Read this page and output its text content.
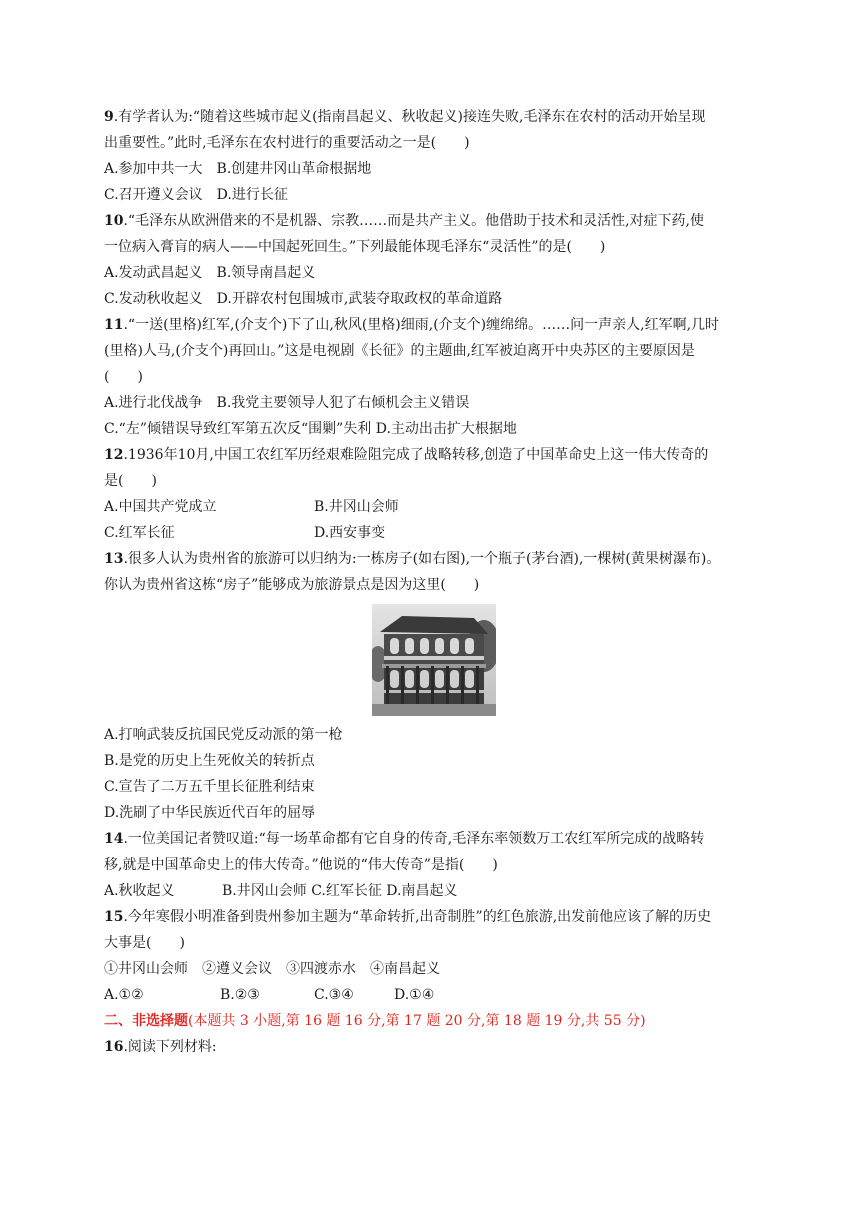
9.有学者认为:“随着这些城市起义(指南昌起义、秋收起义)接连失败,毛泽东在农村的活动开始呈现
出重要性。”此时,毛泽东在农村进行的重要活动之一是(　　)
A.参加中共一大　B.创建井冈山革命根据地
C.召开遵义会议　D.进行长征
10.“毛泽东从欧洲借来的不是机器、宗教……而是共产主义。他借助于技术和灵活性,对症下药,使
一位病入膏肓的病人——中国起死回生。”下列最能体现毛泽东“灵活性”的是(　　)
A.发动武昌起义　B.领导南昌起义
C.发动秋收起义　D.开辟农村包围城市,武装夺取政权的革命道路
11.“一送(里格)红军,(介支个)下了山,秋风(里格)细雨,(介支个)缠绵绵。……问一声亲人,红军啊,几时
(里格)人马,(介支个)再回山。”这是电视剧《长征》的主题曲,红军被迫离开中央苏区的主要原因是
(　　)
A.进行北伐战争　B.我党主要领导人犯了右倾机会主义错误
C.“左”倾错误导致红军第五次反“围剿”失利 D.主动出击扩大根据地
12.1936年10月,中国工农红军历经艰难险阻完成了战略转移,创造了中国革命史上这一伟大传奇的
是(　　)
A.中国共产党成立	B.井冈山会师
C.红军长征	D.西安事变
13.很多人认为贵州省的旅游可以归纳为:一栋房子(如右图),一个瓶子(茅台酒),一棵树(黄果树瀑布)。
你认为贵州省这栋“房子”能够成为旅游景点是因为这里(　　)
A.打响武装反抗国民党反动派的第一枪
B.是党的历史上生死攸关的转折点
C.宣告了二万五千里长征胜利结束
D.洗刷了中华民族近代百年的屈辱
14.一位美国记者赞叹道:“每一场革命都有它自身的传奇,毛泽东率领数万工农红军所完成的战略转
移,就是中国革命史上的伟大传奇。”他说的“伟大传奇”是指(　　)
A.秋收起义	B.井冈山会师 C.红军长征 D.南昌起义
15.今年寒假小明准备到贵州参加主题为“革命转折,出奇制胜”的红色旅游,出发前他应该了解的历史
大事是(　　)
①井冈山会师　②遵义会议　③四渡赤水　④南昌起义
A.①②	B.②③	C.③④	D.①④
二、非选择题(本题共 3 小题,第 16 题 16 分,第 17 题 20 分,第 18 题 19 分,共 55 分)
16.阅读下列材料:
